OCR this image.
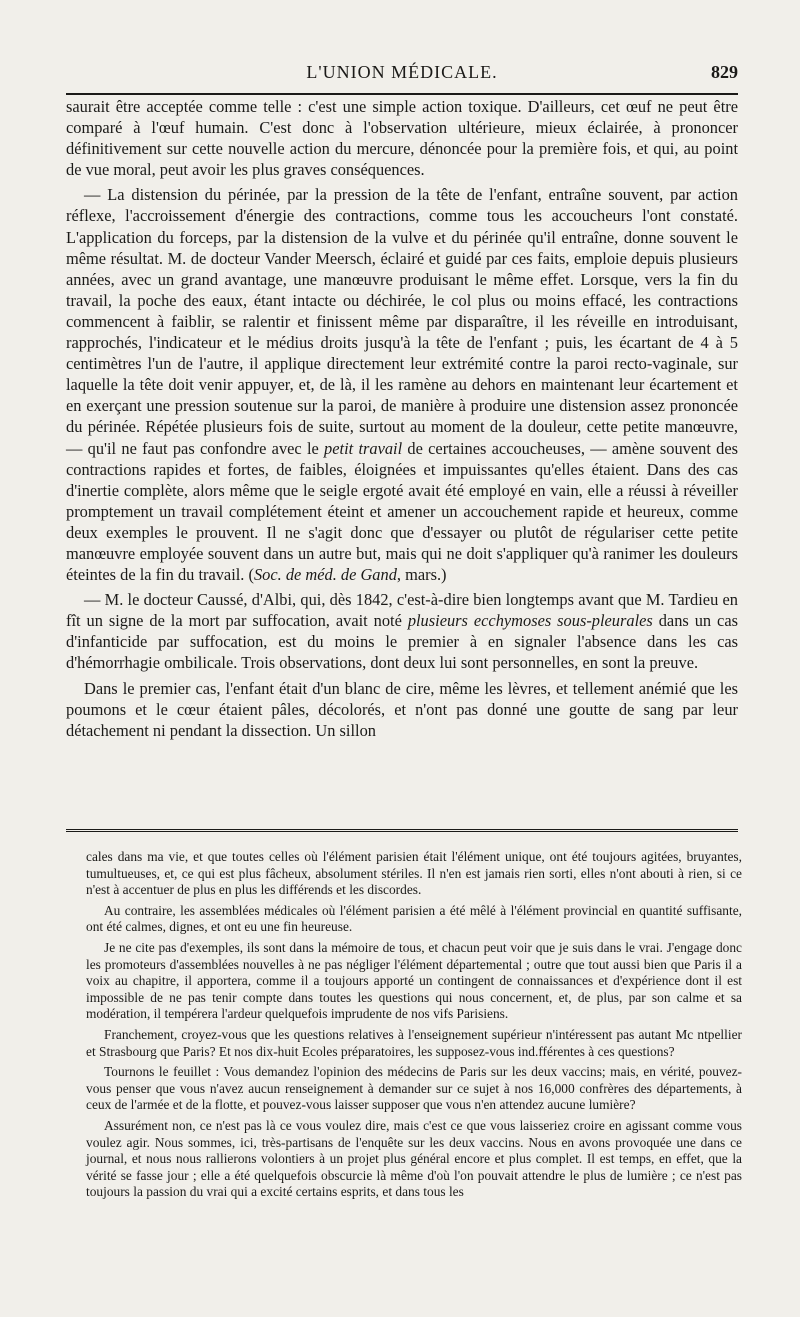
L'UNION MÉDICALE.	829

saurait être acceptée comme telle : c'est une simple action toxique. D'ailleurs, cet œuf ne peut être comparé à l'œuf humain. C'est donc à l'observation ultérieure, mieux éclairée, à prononcer définitivement sur cette nouvelle action du mercure, dénoncée pour la première fois, et qui, au point de vue moral, peut avoir les plus graves conséquences.

— La distension du périnée, par la pression de la tête de l'enfant, entraîne souvent, par action réflexe, l'accroissement d'énergie des contractions, comme tous les accoucheurs l'ont constaté. L'application du forceps, par la distension de la vulve et du périnée qu'il entraîne, donne souvent le même résultat. M. de docteur Vander Meersch, éclairé et guidé par ces faits, emploie depuis plusieurs années, avec un grand avantage, une manœuvre produisant le même effet. Lorsque, vers la fin du travail, la poche des eaux, étant intacte ou déchirée, le col plus ou moins effacé, les contractions commencent à faiblir, se ralentir et finissent même par disparaître, il les réveille en introduisant, rapprochés, l'indicateur et le médius droits jusqu'à la tête de l'enfant ; puis, les écartant de 4 à 5 centimètres l'un de l'autre, il applique directement leur extrémité contre la paroi recto-vaginale, sur laquelle la tête doit venir appuyer, et, de là, il les ramène au dehors en maintenant leur écartement et en exerçant une pression soutenue sur la paroi, de manière à produire une distension assez prononcée du périnée. Répétée plusieurs fois de suite, surtout au moment de la douleur, cette petite manœuvre, — qu'il ne faut pas confondre avec le petit travail de certaines accoucheuses, — amène souvent des contractions rapides et fortes, de faibles, éloignées et impuissantes qu'elles étaient. Dans des cas d'inertie complète, alors même que le seigle ergoté avait été employé en vain, elle a réussi à réveiller promptement un travail complétement éteint et amener un accouchement rapide et heureux, comme deux exemples le prouvent. Il ne s'agit donc que d'essayer ou plutôt de régulariser cette petite manœuvre employée souvent dans un autre but, mais qui ne doit s'appliquer qu'à ranimer les douleurs éteintes de la fin du travail. (Soc. de méd. de Gand, mars.)

— M. le docteur Caussé, d'Albi, qui, dès 1842, c'est-à-dire bien longtemps avant que M. Tardieu en fît un signe de la mort par suffocation, avait noté plusieurs ecchymoses sous-pleurales dans un cas d'infanticide par suffocation, est du moins le premier à en signaler l'absence dans les cas d'hémorrhagie ombilicale. Trois observations, dont deux lui sont personnelles, en sont la preuve.

Dans le premier cas, l'enfant était d'un blanc de cire, même les lèvres, et tellement anémié que les poumons et le cœur étaient pâles, décolorés, et n'ont pas donné une goutte de sang par leur détachement ni pendant la dissection. Un sillon

cales dans ma vie, et que toutes celles où l'élément parisien était l'élément unique, ont été toujours agitées, bruyantes, tumultueuses, et, ce qui est plus fâcheux, absolument stériles. Il n'en est jamais rien sorti, elles n'ont abouti à rien, si ce n'est à accentuer de plus en plus les différends et les discordes.

Au contraire, les assemblées médicales où l'élément parisien a été mêlé à l'élément provincial en quantité suffisante, ont été calmes, dignes, et ont eu une fin heureuse.

Je ne cite pas d'exemples, ils sont dans la mémoire de tous, et chacun peut voir que je suis dans le vrai. J'engage donc les promoteurs d'assemblées nouvelles à ne pas négliger l'élément départemental ; outre que tout aussi bien que Paris il a voix au chapitre, il apportera, comme il a toujours apporté un contingent de connaissances et d'expérience dont il est impossible de ne pas tenir compte dans toutes les questions qui nous concernent, et, de plus, par son calme et sa modération, il tempérera l'ardeur quelquefois imprudente de nos vifs Parisiens.

Franchement, croyez-vous que les questions relatives à l'enseignement supérieur n'intéressent pas autant Mc ntpellier et Strasbourg que Paris? Et nos dix-huit Ecoles préparatoires, les supposez-vous ind.fférentes à ces questions?

Tournons le feuillet : Vous demandez l'opinion des médecins de Paris sur les deux vaccins; mais, en vérité, pouvez-vous penser que vous n'avez aucun renseignement à demander sur ce sujet à nos 16,000 confrères des départements, à ceux de l'armée et de la flotte, et pouvez-vous laisser supposer que vous n'en attendez aucune lumière?

Assurément non, ce n'est pas là ce vous voulez dire, mais c'est ce que vous laisseriez croire en agissant comme vous voulez agir. Nous sommes, ici, très-partisans de l'enquête sur les deux vaccins. Nous en avons provoquée une dans ce journal, et nous nous rallierons volontiers à un projet plus général encore et plus complet. Il est temps, en effet, que la vérité se fasse jour ; elle a été quelquefois obscurcie là même d'où l'on pouvait attendre le plus de lumière ; ce n'est pas toujours la passion du vrai qui a excité certains esprits, et dans tous les
